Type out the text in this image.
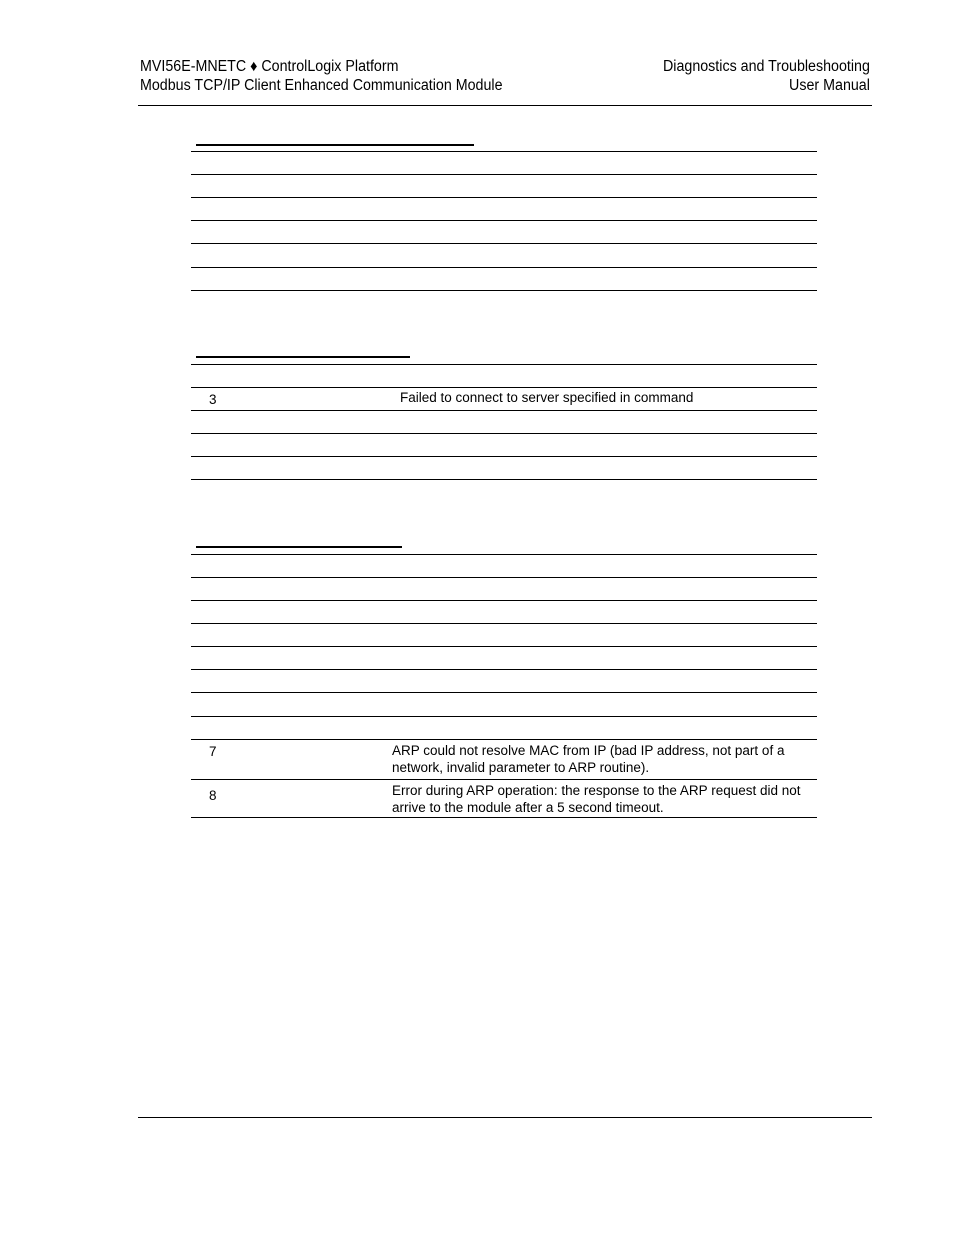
MVI56E-MNETC ♦ ControlLogix Platform
Modbus TCP/IP Client Enhanced Communication Module
Diagnostics and Troubleshooting
User Manual
3	Failed to connect to server specified in command
7	ARP could not resolve MAC from IP (bad IP address, not part of a network, invalid parameter to ARP routine).
8	Error during ARP operation: the response to the ARP request did not arrive to the module after a 5 second timeout.
